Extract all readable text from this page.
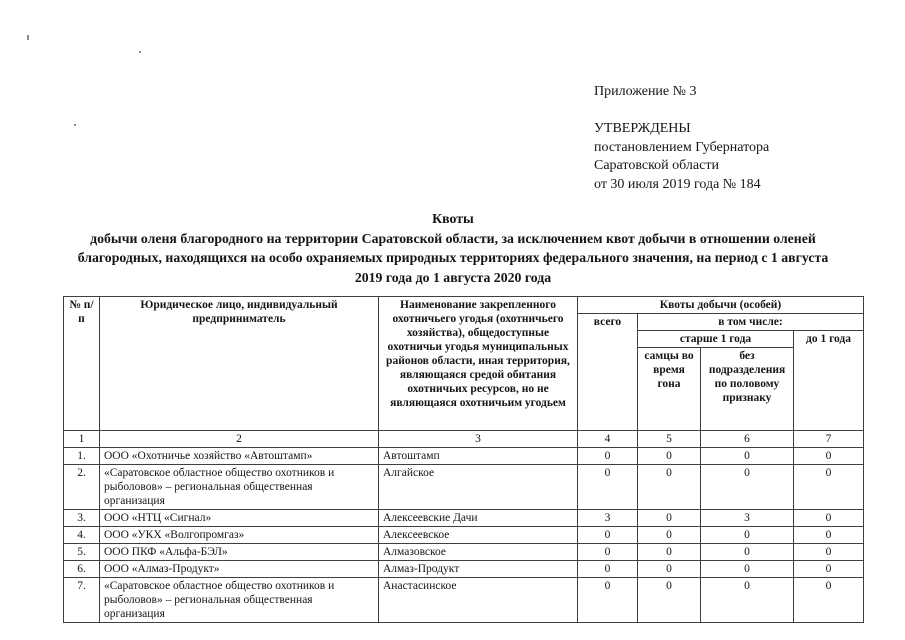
Приложение № 3
УТВЕРЖДЕНЫ
постановлением Губернатора
Саратовской области
от 30 июля 2019 года № 184
Квоты
добычи оленя благородного на территории Саратовской области, за исключением квот добычи в отношении оленей благородных, находящихся на особо охраняемых природных территориях федерального значения, на период с 1 августа 2019 года до 1 августа 2020 года
№ п/п	Юридическое лицо, индивидуальный предприниматель	Наименование закрепленного охотничьего угодья (охотничьего хозяйства), общедоступные охотничьи угодья муниципальных районов области, иная территория, являющаяся средой обитания охотничьих ресурсов, но не являющаяся охотничьим угодьем	Квоты добычи (особей)			
			всего	в том числе:		
				старше 1 года		до 1 года
				самцы во время гона	без подразделения по половому признаку	
1	2	3	4	5	6	7
1.	ООО «Охотничье хозяйство «Автоштамп»	Автоштамп	0	0	0	0
2.	«Саратовское областное общество охотников и рыболовов» – региональная общественная организация	Алгайское	0	0	0	0
3.	ООО «НТЦ «Сигнал»	Алексеевские Дачи	3	0	3	0
4.	ООО «УКХ «Волгопромгаз»	Алексеевское	0	0	0	0
5.	ООО ПКФ «Альфа-БЭЛ»	Алмазовское	0	0	0	0
6.	ООО «Алмаз-Продукт»	Алмаз-Продукт	0	0	0	0
7.	«Саратовское областное общество охотников и рыболовов» – региональная общественная организация	Анастасинское	0	0	0	0
